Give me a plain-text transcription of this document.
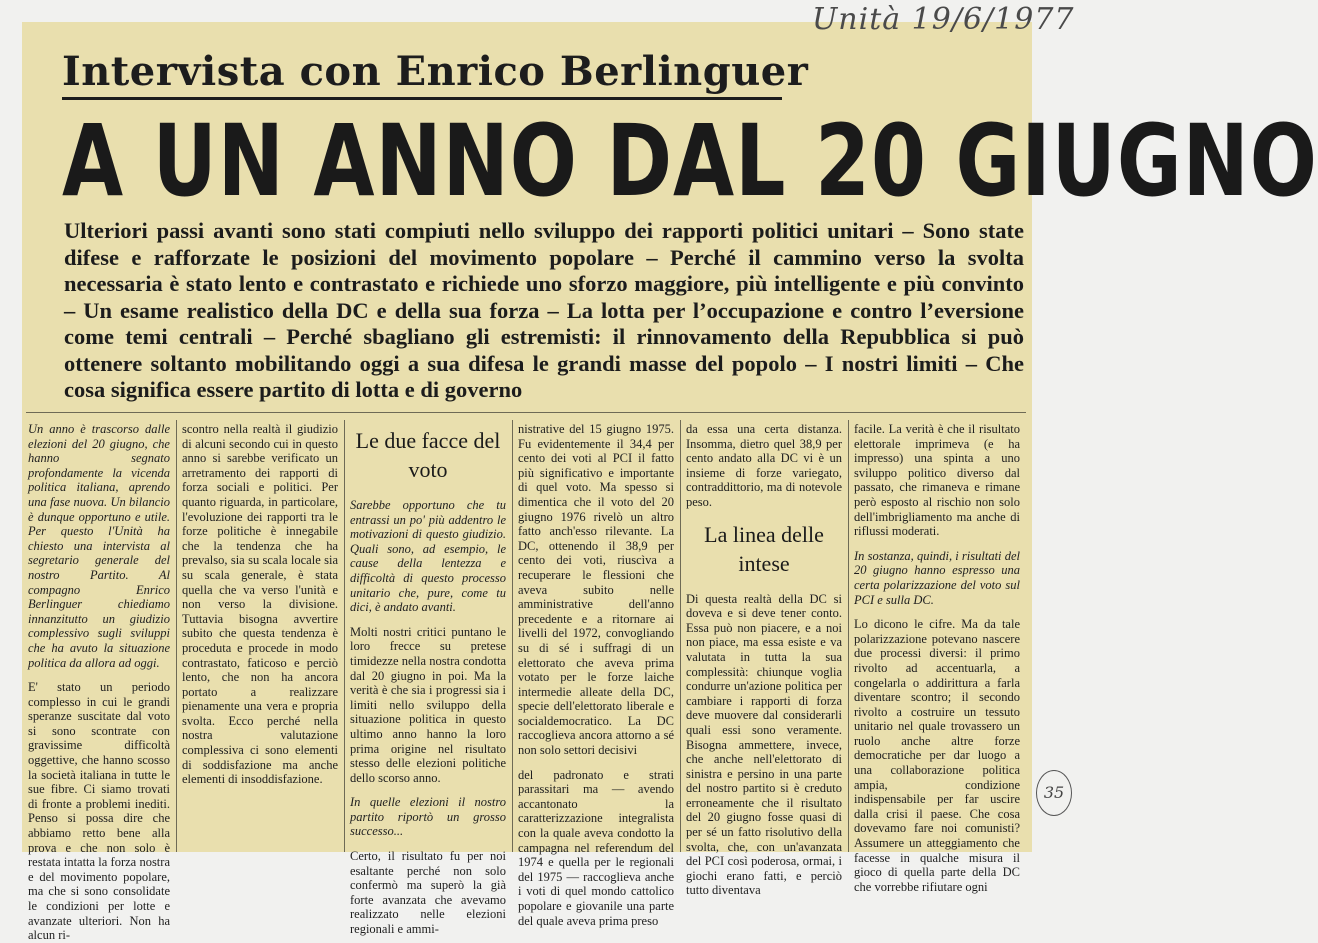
Intervista con Enrico Berlinguer
A UN ANNO DAL 20 GIUGNO
Ulteriori passi avanti sono stati compiuti nello sviluppo dei rapporti politici unitari – Sono state difese e rafforzate le posizioni del movimento popolare – Perché il cammino verso la svolta necessaria è stato lento e contrastato e richiede uno sforzo maggiore, più intelligente e più convinto – Un esame realistico della DC e della sua forza – La lotta per l’occupazione e contro l’eversione come temi centrali – Perché sbagliano gli estremisti: il rinnovamento della Repubblica si può ottenere soltanto mobilitando oggi a sua difesa le grandi masse del popolo – I nostri limiti – Che cosa significa essere partito di lotta e di governo

Un anno è trascorso dalle elezioni del 20 giugno, che hanno segnato profondamente la vicenda politica italiana, aprendo una fase nuova. Un bilancio è dunque opportuno e utile. Per questo l'Unità ha chiesto una intervista al segretario generale del nostro Partito. Al compagno Enrico Berlinguer chiediamo innanzitutto un giudizio complessivo sugli sviluppi che ha avuto la situazione politica da allora ad oggi.

E' stato un periodo complesso in cui le grandi speranze suscitate dal voto si sono scontrate con gravissime difficoltà oggettive, che hanno scosso la società italiana in tutte le sue fibre. Ci siamo trovati di fronte a problemi inediti. Penso si possa dire che abbiamo retto bene alla prova e che non solo è restata intatta la forza nostra e del movimento popolare, ma che si sono consolidate le condizioni per lotte e avanzate ulteriori. Non ha alcun ri-

scontro nella realtà il giudizio di alcuni secondo cui in questo anno si sarebbe verificato un arretramento dei rapporti di forza sociali e politici. Per quanto riguarda, in particolare, l'evoluzione dei rapporti tra le forze politiche è innegabile che la tendenza che ha prevalso, sia su scala locale sia su scala generale, è stata quella che va verso l'unità e non verso la divisione. Tuttavia bisogna avvertire subito che questa tendenza è proceduta e procede in modo contrastato, faticoso e perciò lento, che non ha ancora portato a realizzare pienamente una vera e propria svolta. Ecco perché nella nostra valutazione complessiva ci sono elementi di soddisfazione ma anche elementi di insoddisfazione.

Le due facce del voto

Sarebbe opportuno che tu entrassi un po' più addentro le motivazioni di questo giudizio. Quali sono, ad esempio, le cause della lentezza e difficoltà di questo processo unitario che, pure, come tu dici, è andato avanti.

Molti nostri critici puntano le loro frecce su pretese timidezze nella nostra condotta dal 20 giugno in poi. Ma la verità è che sia i progressi sia i limiti nello sviluppo della situazione politica in questo ultimo anno hanno la loro prima origine nel risultato stesso delle elezioni politiche dello scorso anno.

In quelle elezioni il nostro partito riportò un grosso successo...

Certo, il risultato fu per noi esaltante perché non solo confermò ma superò la già forte avanzata che avevamo realizzato nelle elezioni regionali e ammi-

nistrative del 15 giugno 1975. Fu evidentemente il 34,4 per cento dei voti al PCI il fatto più significativo e importante di quel voto. Ma spesso si dimentica che il voto del 20 giugno 1976 rivelò un altro fatto anch'esso rilevante. La DC, ottenendo il 38,9 per cento dei voti, riuscìva a recuperare le flessioni che aveva subito nelle amministrative dell'anno precedente e a ritornare ai livelli del 1972, convogliando su di sé i suffragi di un elettorato che aveva prima votato per le forze laiche intermedie alleate della DC, specie dell'elettorato liberale e socialdemocratico. La DC raccoglieva ancora attorno a sé non solo settori decisivi

del padronato e strati parassitari ma — avendo accantonato la caratterizzazione integralista con la quale aveva condotto la campagna nel referendum del 1974 e quella per le regionali del 1975 — raccoglieva anche i voti di quel mondo cattolico popolare e giovanile una parte del quale aveva prima preso

da essa una certa distanza. Insomma, dietro quel 38,9 per cento andato alla DC vi è un insieme di forze variegato, contraddittorio, ma di notevole peso.

La linea delle intese

Di questa realtà della DC si doveva e si deve tener conto. Essa può non piacere, e a noi non piace, ma essa esiste e va valutata in tutta la sua complessità: chiunque voglia condurre un'azione politica per cambiare i rapporti di forza deve muovere dal considerarli quali essi sono veramente. Bisogna ammettere, invece, che anche nell'elettorato di sinistra e persino in una parte del nostro partito si è creduto erroneamente che il risultato del 20 giugno fosse quasi di per sé un fatto risolutivo della svolta, che, con un'avanzata del PCI così poderosa, ormai, i giochi erano fatti, e perciò tutto diventava

facile. La verità è che il risultato elettorale imprimeva (e ha impresso) una spinta a uno sviluppo politico diverso dal passato, che rimaneva e rimane però esposto al rischio non solo dell'imbrigliamento ma anche di riflussi moderati.

In sostanza, quindi, i risultati del 20 giugno hanno espresso una certa polarizzazione del voto sul PCI e sulla DC.

Lo dicono le cifre. Ma da tale polarizzazione potevano nascere due processi diversi: il primo rivolto ad accentuarla, a congelarla o addirittura a farla diventare scontro; il secondo rivolto a costruire un tessuto unitario nel quale trovassero un ruolo anche altre forze democratiche per dar luogo a una collaborazione politica ampia, condizione indispensabile per far uscire dalla crisi il paese. Che cosa dovevamo fare noi comunisti? Assumere un atteggiamento che facesse in qualche misura il gioco di quella parte della DC che vorrebbe rifiutare ogni

Unità 19/6/1977
35
